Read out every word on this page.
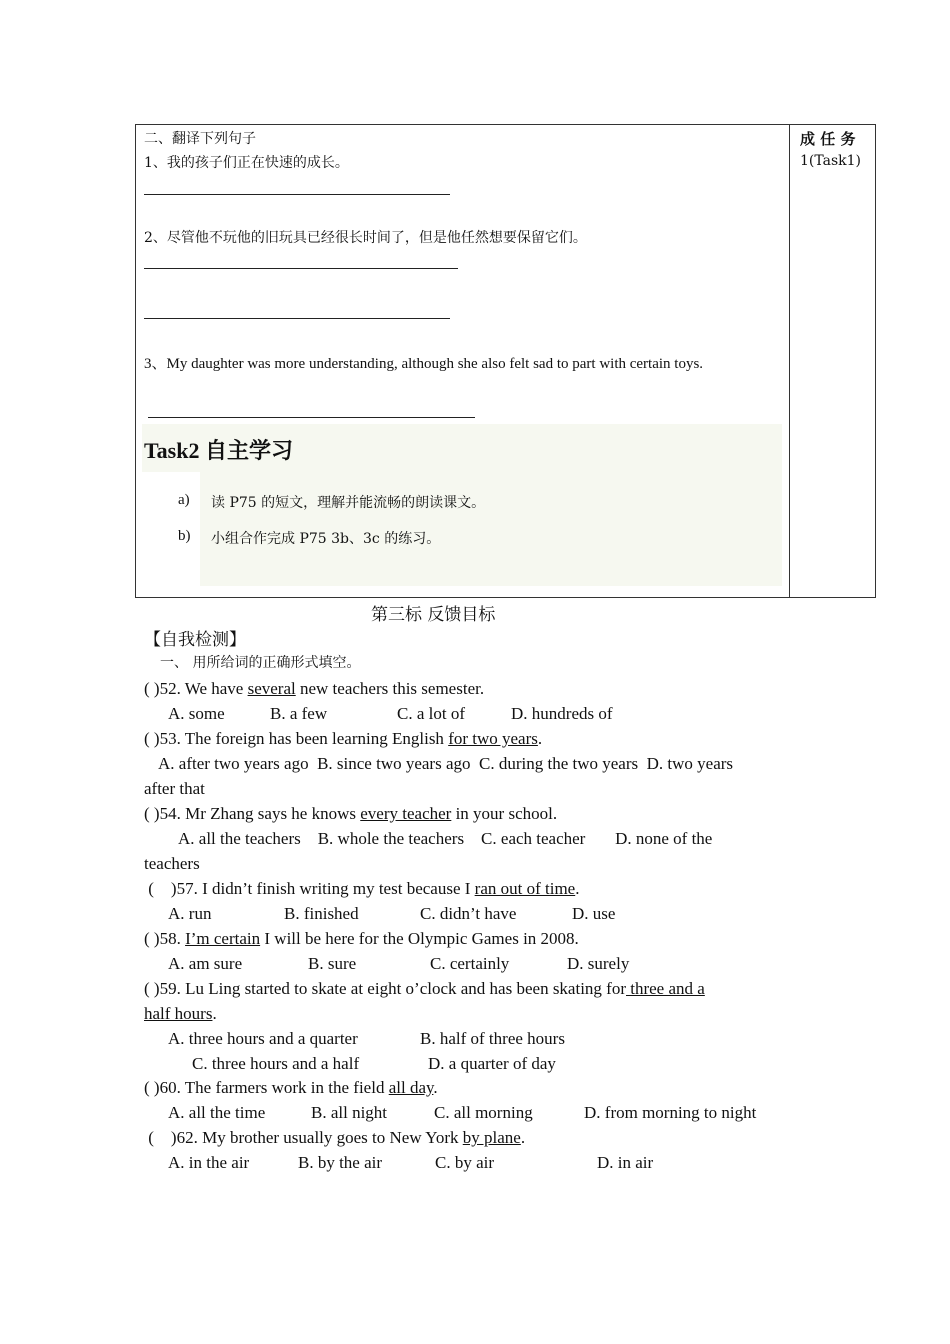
二、翻译下列句子
1、我的孩子们正在快速的成长。
2、尽管他不玩他的旧玩具已经很长时间了，但是他任然想要保留它们。
3、My daughter was more understanding, although she also felt sad to part with certain toys.
成 任 务
1(Task1)
Task2 自主学习
a) 读 P75 的短文，理解并能流畅的朗读课文。
b) 小组合作完成 P75 3b、3c 的练习。
第三标 反馈目标
【自我检测】
一、 用所给词的正确形式填空。
( )52. We have several new teachers this semester.
A. some	B. a few	C. a lot of	D. hundreds of
( )53. The foreign has been learning English for two years.
A. after two years ago  B. since two years ago  C. during the two years  D. two years
after that
( )54. Mr Zhang says he knows every teacher in your school.
A. all the teachers    B. whole the teachers    C. each teacher       D. none of the
teachers
(    )57. I didn’t finish writing my test because I ran out of time.
A. run	B. finished	C. didn’t have	D. use
( )58. I’m certain I will be here for the Olympic Games in 2008.
A. am sure	B. sure	C. certainly	D. surely
( )59. Lu Ling started to skate at eight o’clock and has been skating for three and a
half hours.
A. three hours and a quarter	B. half of three hours
C. three hours and a half	D. a quarter of day
( )60. The farmers work in the field all day.
A. all the time	B. all night	C. all morning	D. from morning to night
(    )62. My brother usually goes to New York by plane.
A. in the air	B. by the air	C. by air	D. in air
